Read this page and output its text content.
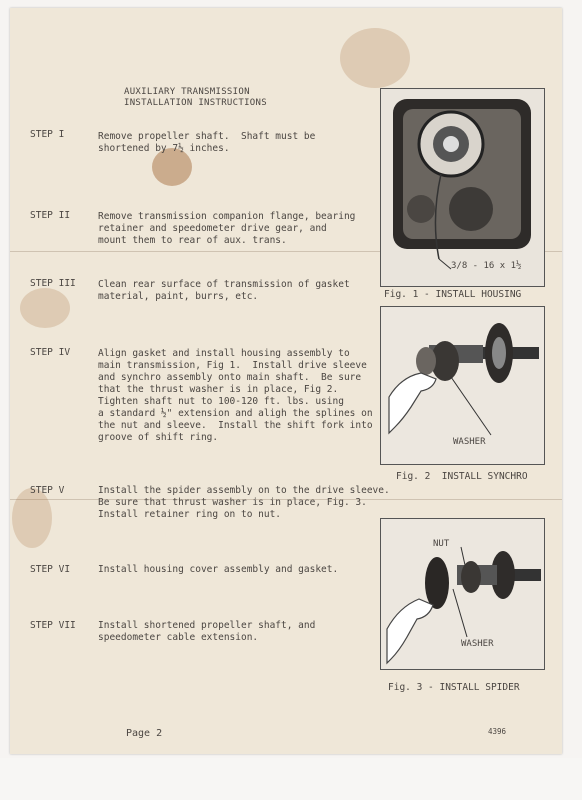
AUXILIARY TRANSMISSION
INSTALLATION INSTRUCTIONS
STEP I	Remove propeller shaft.  Shaft must be
shortened by 7½ inches.
STEP II	Remove transmission companion flange, bearing
retainer and speedometer drive gear, and
mount them to rear of aux. trans.
STEP III Clean rear surface of transmission of gasket
material, paint, burrs, etc.
STEP IV	Align gasket and install housing assembly to
main transmission, Fig 1.  Install drive sleeve
and synchro assembly onto main shaft.  Be sure
that the thrust washer is in place, Fig 2.
Tighten shaft nut to 100-120 ft. lbs. using
a standard ½" extension and aligh the splines on
the nut and sleeve.  Install the shift fork into
groove of shift ring.
STEP V	Install the spider assembly on to the drive sleeve.
Be sure that thrust washer is in place, Fig. 3.
Install retainer ring on to nut.
STEP VI	Install housing cover assembly and gasket.
STEP VII Install shortened propeller shaft, and
speedometer cable extension.
3/8 - 16 x 1½
Fig. 1 - INSTALL HOUSING
WASHER
Fig. 2  INSTALL SYNCHRO
NUT
WASHER
Fig. 3 - INSTALL SPIDER
Page 2	4396
